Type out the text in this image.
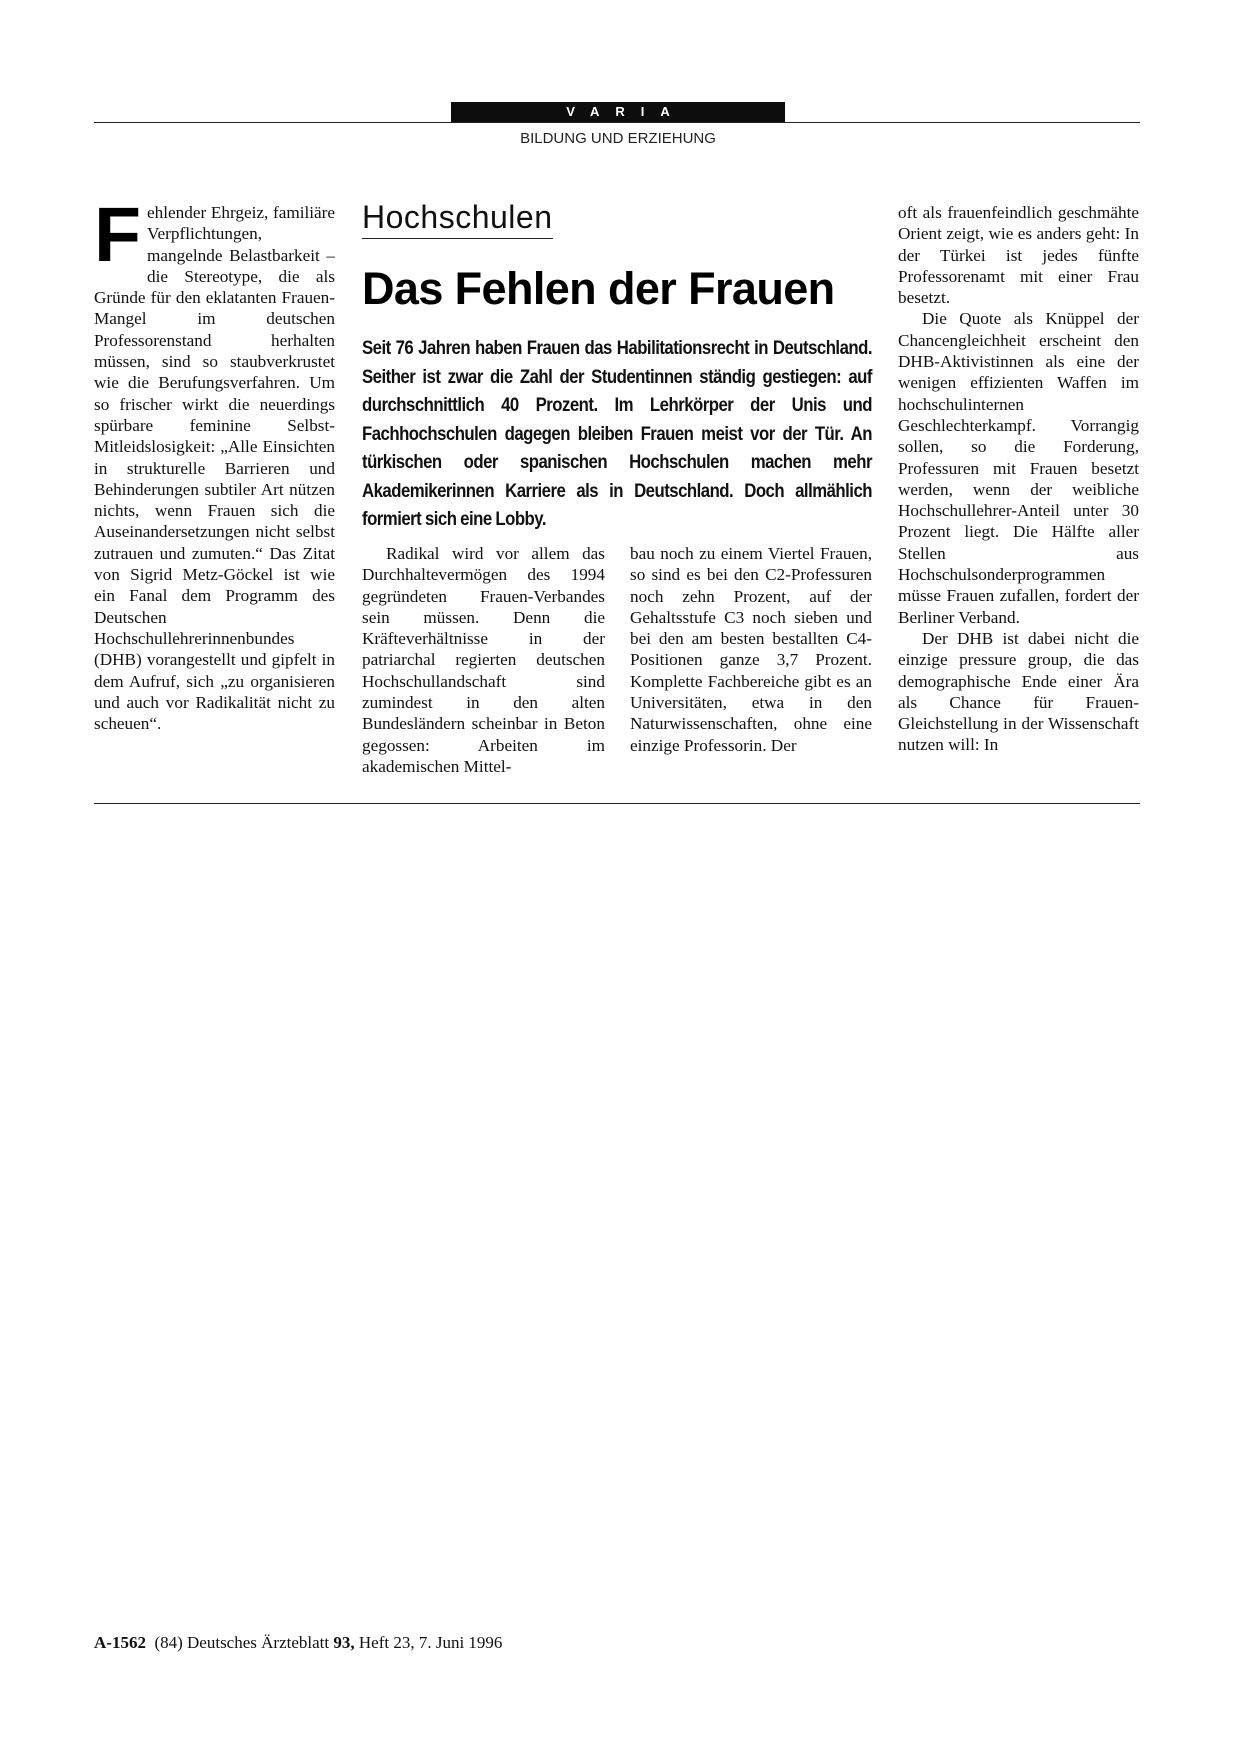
VARIA
BILDUNG UND ERZIEHUNG

Fehlender Ehrgeiz, familiäre Verpflichtungen, mangelnde Belastbarkeit – die Stereotype, die als Gründe für den eklatanten Frauen-Mangel im deutschen Professorenstand herhalten müssen, sind so staubverkrustet wie die Berufungsverfahren. Um so frischer wirkt die neuerdings spürbare feminine Selbst-Mitleidslosigkeit: „Alle Einsichten in strukturelle Barrieren und Behinderungen subtiler Art nützen nichts, wenn Frauen sich die Auseinandersetzungen nicht selbst zutrauen und zumuten.“ Das Zitat von Sigrid Metz-Göckel ist wie ein Fanal dem Programm des Deutschen Hochschullehrerinnenbundes (DHB) vorangestellt und gipfelt in dem Aufruf, sich „zu organisieren und auch vor Radikalität nicht zu scheuen“.

Hochschulen
Das Fehlen der Frauen
Seit 76 Jahren haben Frauen das Habilitationsrecht in Deutschland. Seither ist zwar die Zahl der Studentinnen ständig gestiegen: auf durchschnittlich 40 Prozent. Im Lehrkörper der Unis und Fachhochschulen dagegen bleiben Frauen meist vor der Tür. An türkischen oder spanischen Hochschulen machen mehr Akademikerinnen Karriere als in Deutschland. Doch allmählich formiert sich eine Lobby.

Radikal wird vor allem das Durchhaltevermögen des 1994 gegründeten Frauen-Verbandes sein müssen. Denn die Kräfteverhältnisse in der patriarchal regierten deutschen Hochschullandschaft sind zumindest in den alten Bundesländern scheinbar in Beton gegossen: Arbeiten im akademischen Mittel-

bau noch zu einem Viertel Frauen, so sind es bei den C2-Professuren noch zehn Prozent, auf der Gehaltsstufe C3 noch sieben und bei den am besten bestallten C4-Positionen ganze 3,7 Prozent. Komplette Fachbereiche gibt es an Universitäten, etwa in den Naturwissenschaften, ohne eine einzige Professorin. Der

oft als frauenfeindlich geschmähte Orient zeigt, wie es anders geht: In der Türkei ist jedes fünfte Professorenamt mit einer Frau besetzt.

Die Quote als Knüppel der Chancengleichheit erscheint den DHB-Aktivistinnen als eine der wenigen effizienten Waffen im hochschulinternen Geschlechterkampf. Vorrangig sollen, so die Forderung, Professuren mit Frauen besetzt werden, wenn der weibliche Hochschullehrer-Anteil unter 30 Prozent liegt. Die Hälfte aller Stellen aus Hochschulsonderprogrammen müsse Frauen zufallen, fordert der Berliner Verband.

Der DHB ist dabei nicht die einzige pressure group, die das demographische Ende einer Ära als Chance für Frauen-Gleichstellung in der Wissenschaft nutzen will: In

A-1562 (84) Deutsches Ärzteblatt 93, Heft 23, 7. Juni 1996
